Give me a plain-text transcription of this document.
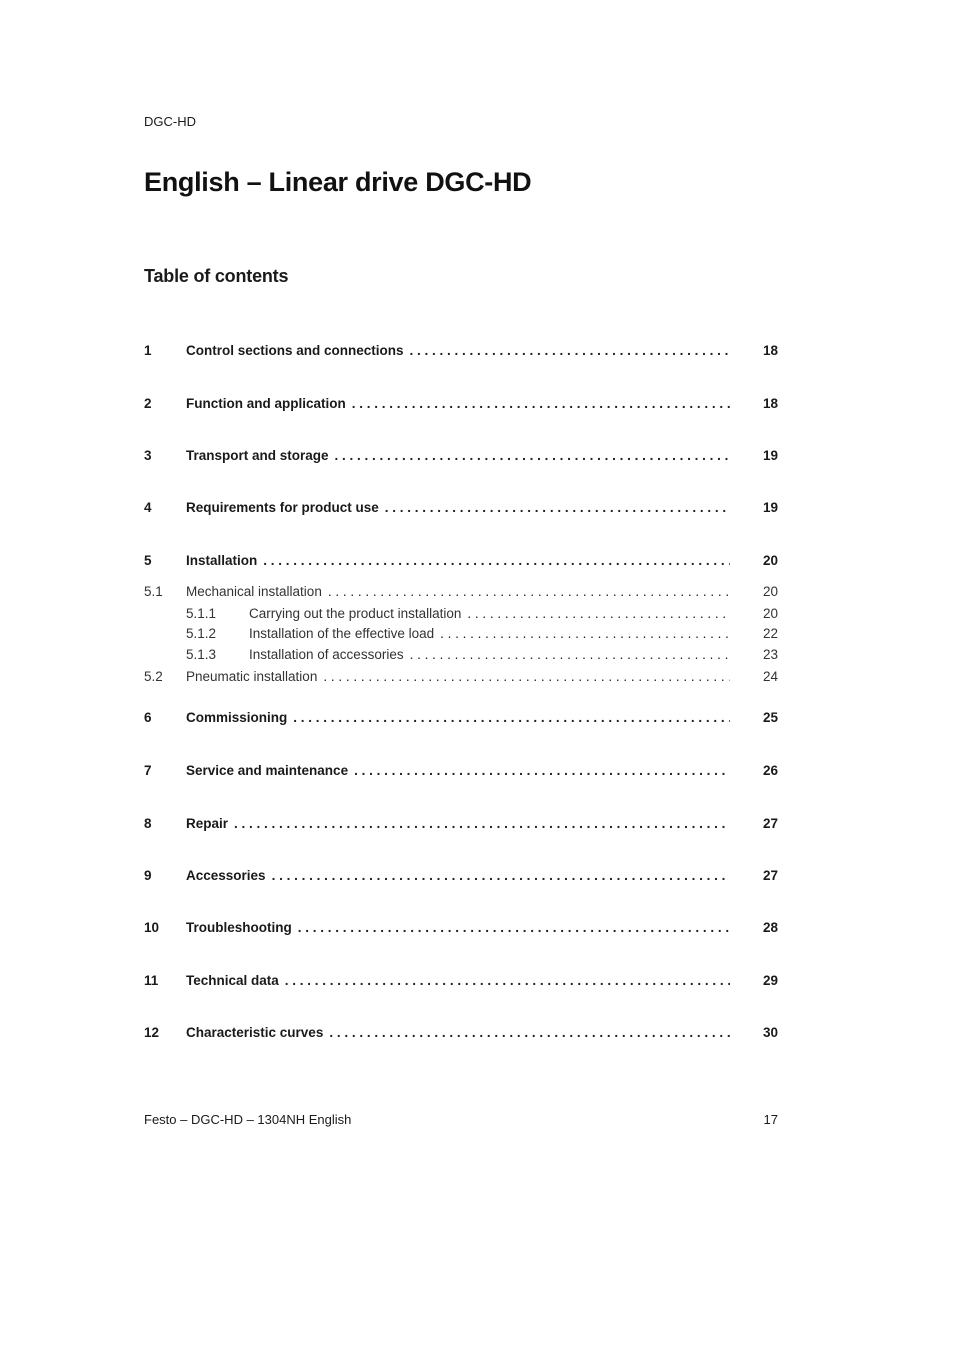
DGC-HD
English – Linear drive DGC-HD
Table of contents
1	Control sections and connections . . .	18
2	Function and application . . .	18
3	Transport and storage . . .	19
4	Requirements for product use . . .	19
5	Installation . . .	20
5.1 Mechanical installation . . .	20
5.1.1 Carrying out the product installation . . .	20
5.1.2 Installation of the effective load . . .	22
5.1.3 Installation of accessories . . .	23
5.2 Pneumatic installation . . .	24
6	Commissioning . . .	25
7	Service and maintenance . . .	26
8	Repair . . .	27
9	Accessories . . .	27
10 Troubleshooting . . .	28
11 Technical data . . .	29
12 Characteristic curves . . .	30
Festo – DGC-HD – 1304NH English	17
